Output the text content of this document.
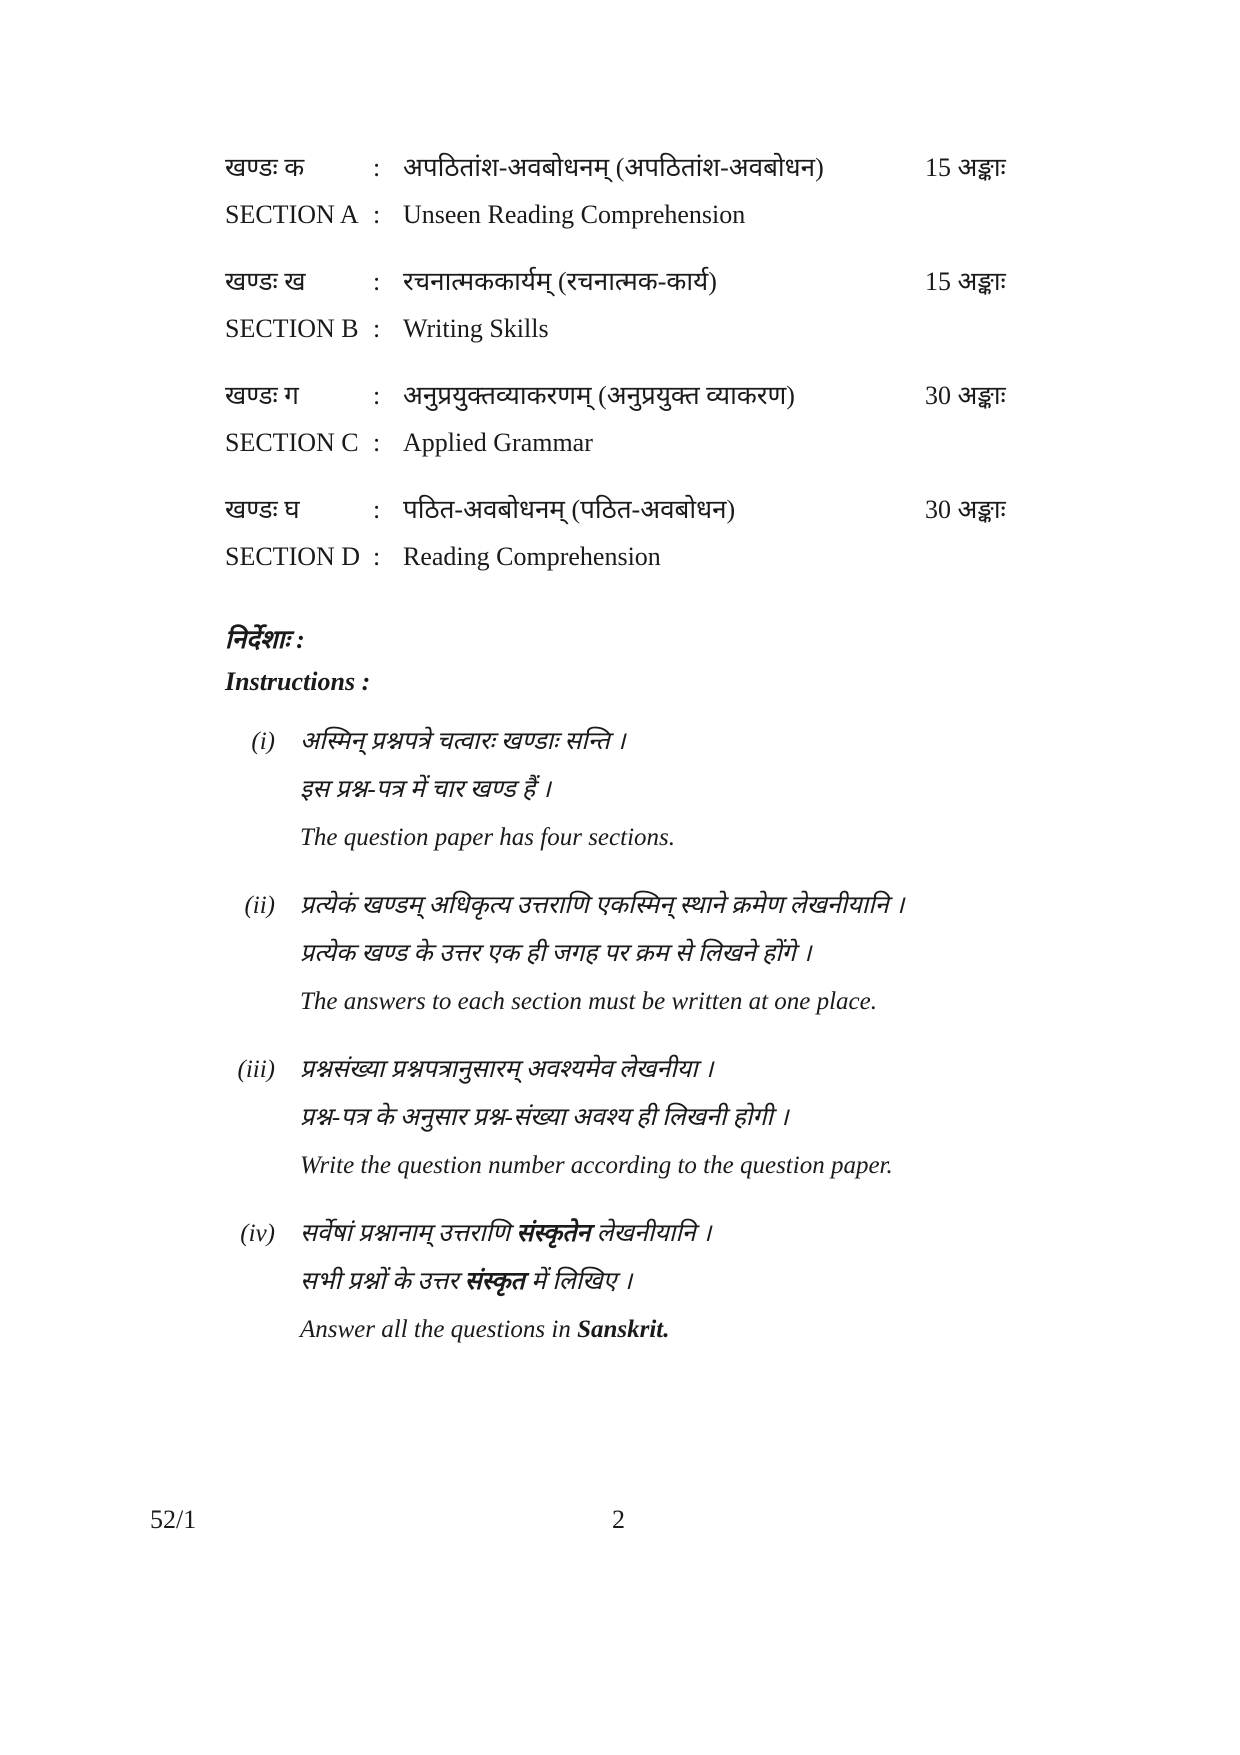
खण्डः क	: अपठितांश-अवबोधनम् (अपठितांश-अवबोधन)	15 अङ्काः
SECTION A : Unseen Reading Comprehension
खण्डः ख	: रचनात्मककार्यम् (रचनात्मक-कार्य)	15 अङ्काः
SECTION B : Writing Skills
खण्डः ग	: अनुप्रयुक्तव्याकरणम् (अनुप्रयुक्त व्याकरण)	30 अङ्काः
SECTION C : Applied Grammar
खण्डः घ	: पठित-अवबोधनम् (पठित-अवबोधन)	30 अङ्काः
SECTION D : Reading Comprehension
निर्देशाः :
Instructions :
(i) अस्मिन् प्रश्नपत्रे चत्वारः खण्डाः सन्ति ।
इस प्रश्न-पत्र में चार खण्ड हैं ।
The question paper has four sections.
(ii) प्रत्येकं खण्डम् अधिकृत्य उत्तराणि एकस्मिन् स्थाने क्रमेण लेखनीयानि ।
प्रत्येक खण्ड के उत्तर एक ही जगह पर क्रम से लिखने होंगे ।
The answers to each section must be written at one place.
(iii) प्रश्नसंख्या प्रश्नपत्रानुसारम् अवश्यमेव लेखनीया ।
प्रश्न-पत्र के अनुसार प्रश्न-संख्या अवश्य ही लिखनी होगी ।
Write the question number according to the question paper.
(iv) सर्वेषां प्रश्नानाम् उत्तराणि संस्कृतेन लेखनीयानि ।
सभी प्रश्नों के उत्तर संस्कृत में लिखिए ।
Answer all the questions in Sanskrit.
52/1	2
